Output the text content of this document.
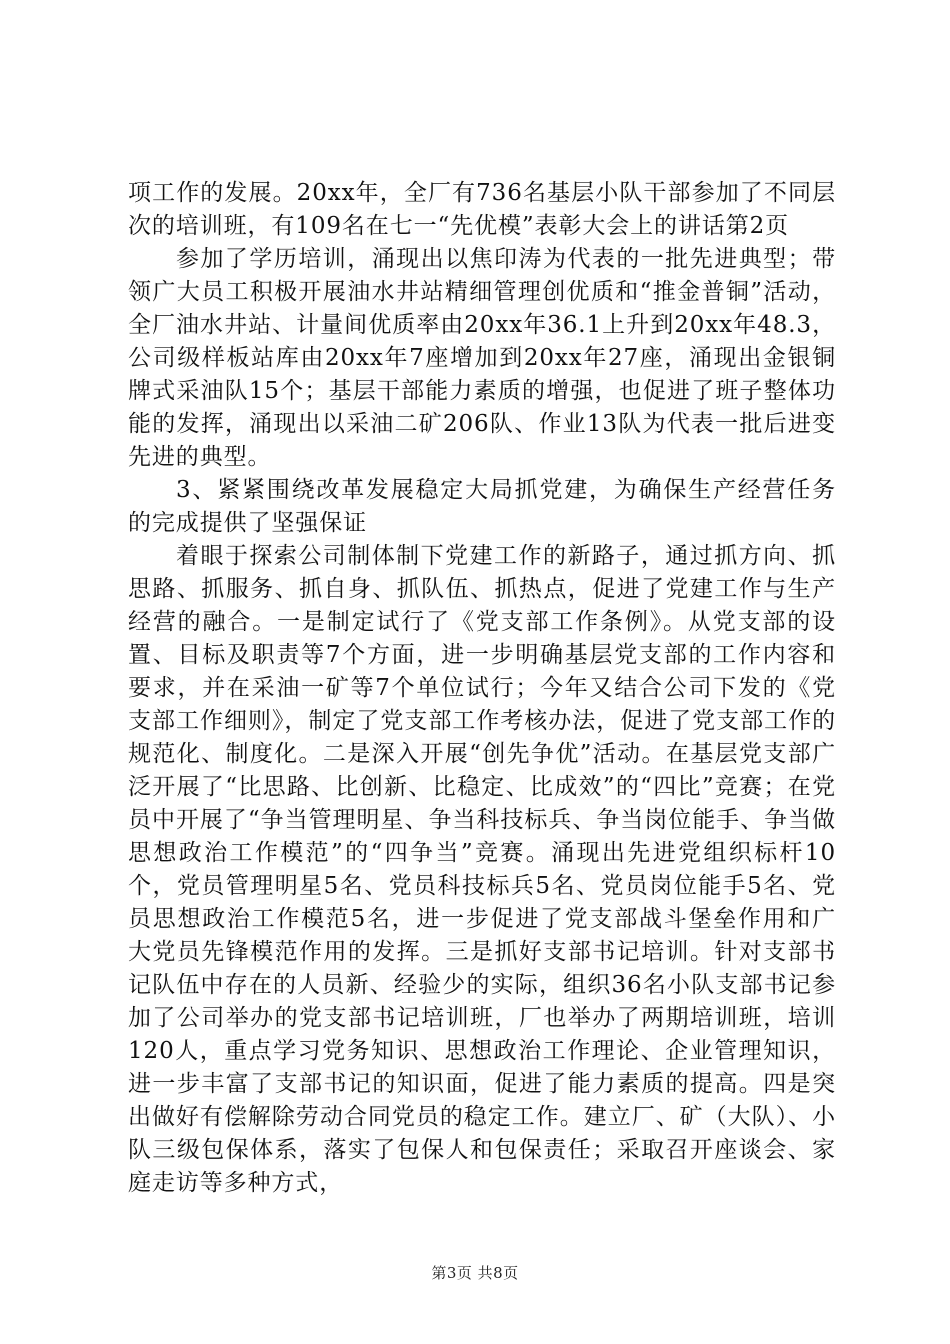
项工作的发展。20xx年，全厂有736名基层小队干部参加了不同层次的培训班，有109名在七一“先优模”表彰大会上的讲话第2页

参加了学历培训，涌现出以焦印涛为代表的一批先进典型；带领广大员工积极开展油水井站精细管理创优质和“推金普铜”活动，全厂油水井站、计量间优质率由20xx年36.1上升到20xx年48.3，公司级样板站库由20xx年7座增加到20xx年27座，涌现出金银铜牌式采油队15个；基层干部能力素质的增强，也促进了班子整体功能的发挥，涌现出以采油二矿206队、作业13队为代表一批后进变先进的典型。

3、紧紧围绕改革发展稳定大局抓党建，为确保生产经营任务的完成提供了坚强保证

着眼于探索公司制体制下党建工作的新路子，通过抓方向、抓思路、抓服务、抓自身、抓队伍、抓热点，促进了党建工作与生产经营的融合。一是制定试行了《党支部工作条例》。从党支部的设置、目标及职责等7个方面，进一步明确基层党支部的工作内容和要求，并在采油一矿等7个单位试行；今年又结合公司下发的《党支部工作细则》，制定了党支部工作考核办法，促进了党支部工作的规范化、制度化。二是深入开展“创先争优”活动。在基层党支部广泛开展了“比思路、比创新、比稳定、比成效”的“四比”竞赛；在党员中开展了“争当管理明星、争当科技标兵、争当岗位能手、争当做思想政治工作模范”的“四争当”竞赛。涌现出先进党组织标杆10个，党员管理明星5名、党员科技标兵5名、党员岗位能手5名、党员思想政治工作模范5名，进一步促进了党支部战斗堡垒作用和广大党员先锋模范作用的发挥。三是抓好支部书记培训。针对支部书记队伍中存在的人员新、经验少的实际，组织36名小队支部书记参加了公司举办的党支部书记培训班，厂也举办了两期培训班，培训120人，重点学习党务知识、思想政治工作理论、企业管理知识，进一步丰富了支部书记的知识面，促进了能力素质的提高。四是突出做好有偿解除劳动合同党员的稳定工作。建立厂、矿（大队）、小队三级包保体系，落实了包保人和包保责任；采取召开座谈会、家庭走访等多种方式，

第3页 共8页
